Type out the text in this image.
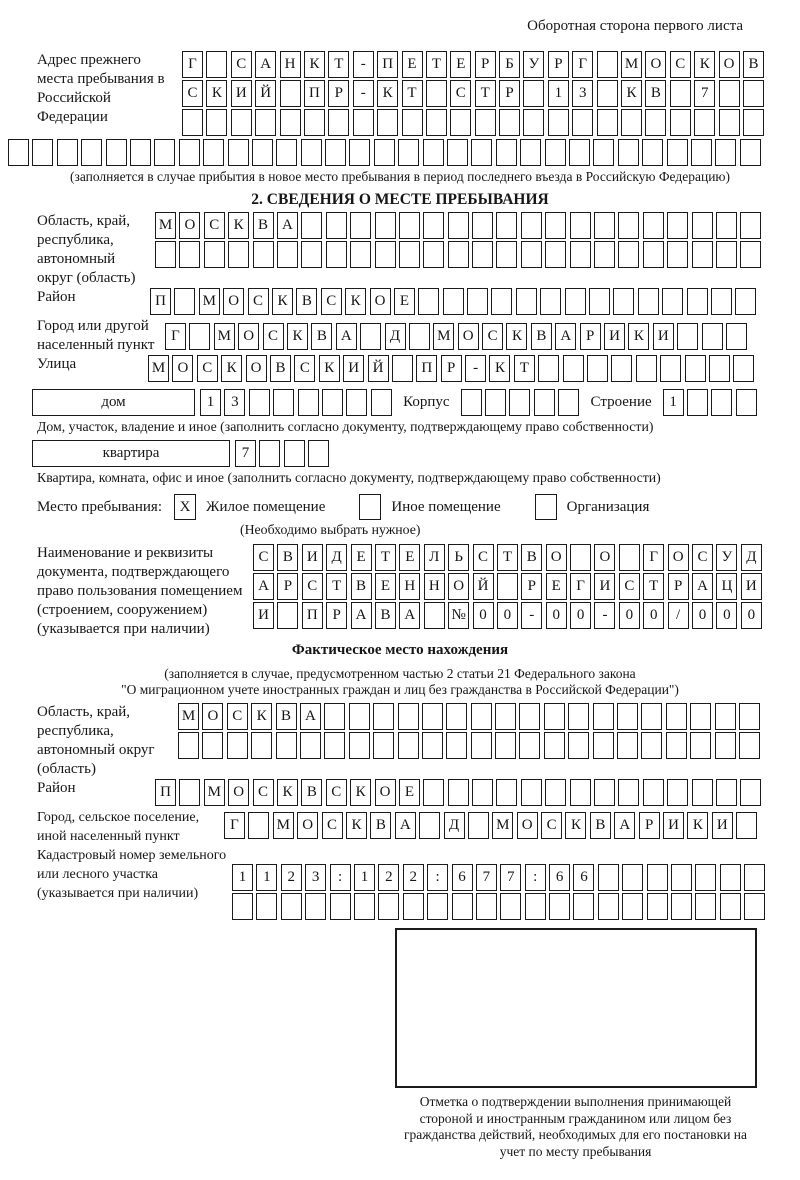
Оборотная сторона первого листа
Адрес прежнего места пребывания в Российской Федерации
Г	С А Н К Т	-	П Е	Т	Е	Р	Б У Р	Г	М О С К О В
С К И Й	П Р	-	К Т	С Т	Р	1	3	К В	7
(заполняется в случае прибытия в новое место пребывания в период последнего въезда в Российскую Федерацию)
2. СВЕДЕНИЯ О МЕСТЕ ПРЕБЫВАНИЯ
Область, край, республика, автономный округ (область)
М О С К В А
Район	П	М О С К В С К О Е
Город или другой
населенный пункт
Г	М О С К В А	Д	М О С К В А Р И К И
Улица	М О С К О В С К И Й	П Р	-	К Т
дом	1	3	Корпус	Строение	1
Дом, участок, владение и иное (заполнить согласно документу, подтверждающему право собственности)
квартира	7
Квартира, комната, офис и иное (заполнить согласно документу, подтверждающему право собственности)
Место пребывания:	X	Жилое помещение	Иное помещение	Организация
(Необходимо выбрать нужное)
Наименование и реквизиты документа, подтверждающего право пользования помещением (строением, сооружением) (указывается при наличии)
С В И Д Е	Т	Е Л Ь	С Т В О	О	Г О С У Д
А Р	С Т В Е Н Н О Й	Р	Е	Г И С Т	Р А Ц И
И	П Р А В А	№ 0	0	-	0	0	-	0	0	/	0	0	0
Фактическое место нахождения
(заполняется в случае, предусмотренном частью 2 статьи 21 Федерального закона
"О миграционном учете иностранных граждан и лиц без гражданства в Российской Федерации")
Область, край, республика, автономный округ (область)
М О С К В А
Район	П	М О С К В С К О Е
Город, сельское поселение,
иной населенный пункт
Г	М О С К В А	Д	М О С К В А Р И К И
Кадастровый номер земельного или лесного участка (указывается при наличии)
1	1	2	3	:	1	2	2	:	6	7	7	:	6	6
Отметка о подтверждении выполнения принимающей стороной и иностранным гражданином или лицом без гражданства действий, необходимых для его постановки на учет по месту пребывания
